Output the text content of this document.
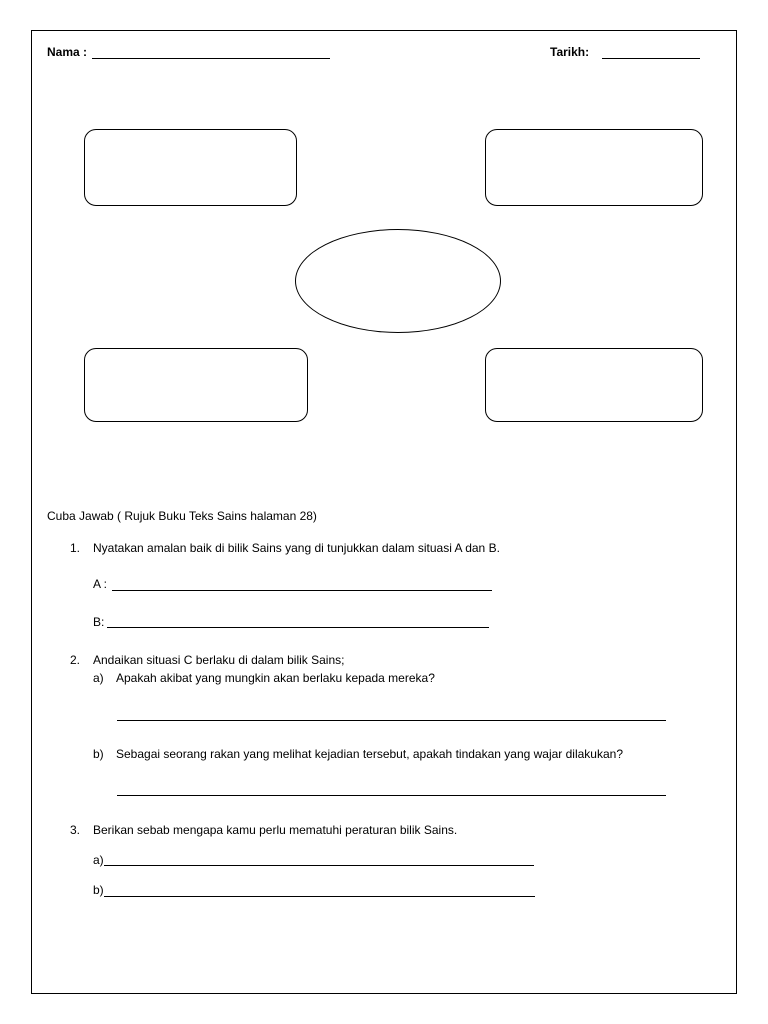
Nama :	Tarikh:
Cuba Jawab ( Rujuk Buku Teks Sains halaman 28)
1. Nyatakan amalan baik di bilik Sains yang di tunjukkan dalam situasi A dan B.
A :
B:
2. Andaikan situasi C berlaku di dalam bilik Sains;
a) Apakah akibat yang mungkin akan berlaku kepada mereka?
b) Sebagai seorang rakan yang melihat kejadian tersebut, apakah tindakan yang wajar dilakukan?
3. Berikan sebab mengapa kamu perlu mematuhi peraturan bilik Sains.
a)
b)
